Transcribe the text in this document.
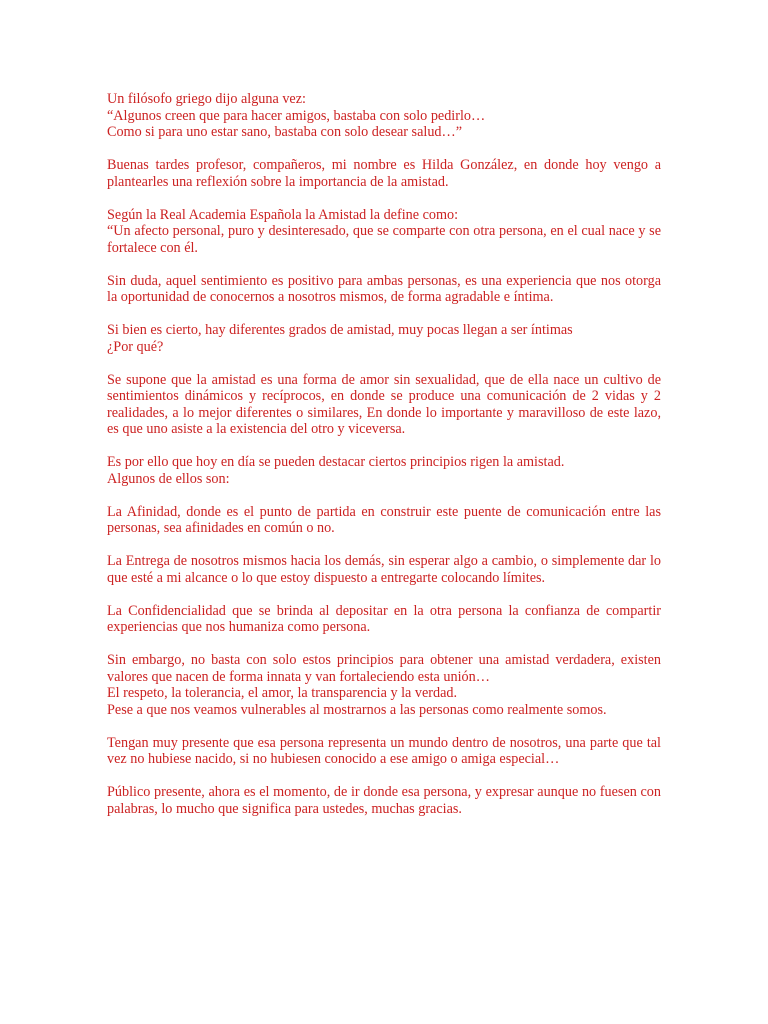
Un filósofo griego dijo alguna vez:
“Algunos creen que para hacer amigos, bastaba con solo pedirlo…
Como si para uno estar sano, bastaba con solo desear salud…”
Buenas tardes profesor, compañeros, mi nombre es Hilda González, en donde hoy vengo a plantearles una reflexión sobre la importancia de la amistad.
Según la Real Academia Española la Amistad la define como:
“Un afecto personal, puro y desinteresado, que se comparte con otra persona, en el cual nace y se fortalece con él.
Sin duda, aquel sentimiento es positivo para ambas personas, es una experiencia que nos otorga la oportunidad de conocernos a nosotros mismos, de forma agradable e íntima.
Si bien es cierto, hay diferentes grados de amistad, muy pocas llegan a ser íntimas
¿Por qué?
Se supone que la amistad es una forma de amor sin sexualidad, que de ella nace un cultivo de sentimientos dinámicos y recíprocos, en donde se produce una comunicación de 2 vidas y 2 realidades, a lo mejor diferentes o similares, En donde lo importante y maravilloso de este lazo, es que uno asiste a la existencia del otro y viceversa.
Es por ello que hoy en día se pueden destacar ciertos principios rigen la amistad.
Algunos de ellos son:
La Afinidad, donde es el punto de partida en construir este puente de comunicación entre las personas, sea afinidades en común o no.
La Entrega de nosotros mismos hacia los demás, sin esperar algo a cambio, o simplemente dar lo que esté a mi alcance o lo que estoy dispuesto a entregarte colocando límites.
La Confidencialidad que se brinda al depositar en la otra persona la confianza de compartir experiencias que nos humaniza como persona.
Sin embargo, no basta con solo estos principios para obtener una amistad verdadera, existen valores que nacen de forma innata y van fortaleciendo esta unión…
El respeto, la tolerancia, el amor, la transparencia y la verdad.
Pese a que nos veamos vulnerables al mostrarnos a las personas como realmente somos.
Tengan muy presente que esa persona representa un mundo dentro de nosotros, una parte que tal vez no hubiese nacido, si no hubiesen conocido a ese amigo o amiga especial…
Público presente, ahora es el momento, de ir donde esa persona, y expresar aunque no fuesen con palabras, lo mucho que significa para ustedes, muchas gracias.
